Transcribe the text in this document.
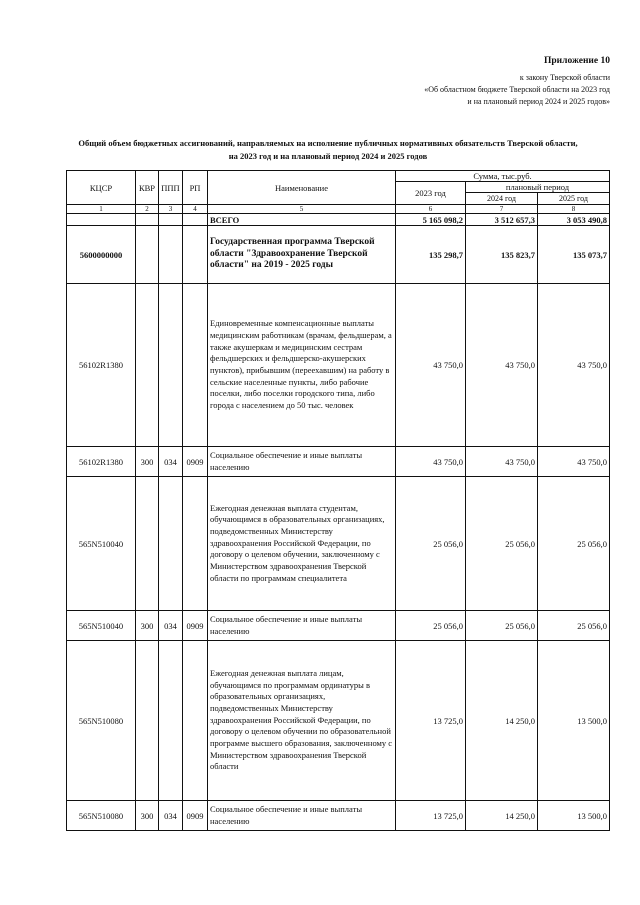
Приложение 10
к закону Тверской области
«Об областном бюджете Тверской области на 2023 год
и на плановый период 2024 и 2025 годов»
Общий объем бюджетных ассигнований, направляемых на исполнение публичных нормативных обязательств Тверской области,
на 2023 год и на плановый период 2024 и 2025 годов
КЦСР	КВР	ППП	РП	Наименование	Сумма, тыс.руб.		
					2023 год	плановый период	
						2024 год	2025 год
1	2	3	4	5	6	7	8
				ВСЕГО	5 165 098,2	3 512 657,3	3 053 490,8
5600000000				Государственная программа Тверской области "Здравоохранение Тверской области" на 2019 - 2025 годы	135 298,7	135 823,7	135 073,7
56102R1380				Единовременные компенсационные выплаты медицинским работникам (врачам, фельдшерам, а также акушеркам и медицинским сестрам фельдшерских и фельдшерско-акушерских пунктов), прибывшим (переехавшим) на работу в сельские населенные пункты, либо рабочие поселки, либо поселки городского типа, либо города с населением до 50 тыс. человек	43 750,0	43 750,0	43 750,0
56102R1380	300	034	0909	Социальное обеспечение и иные выплаты населению	43 750,0	43 750,0	43 750,0
565N510040				Ежегодная денежная выплата студентам, обучающимся в образовательных организациях, подведомственных Министерству здравоохранения Российской Федерации, по договору о целевом обучении, заключенному с Министерством здравоохранения Тверской области по программам специалитета	25 056,0	25 056,0	25 056,0
565N510040	300	034	0909	Социальное обеспечение и иные выплаты населению	25 056,0	25 056,0	25 056,0
565N510080				Ежегодная денежная выплата лицам, обучающимся по программам ординатуры в образовательных организациях, подведомственных Министерству здравоохранения Российской Федерации, по договору о целевом обучении по образовательной программе высшего образования, заключенному с Министерством здравоохранения Тверской области	13 725,0	14 250,0	13 500,0
565N510080	300	034	0909	Социальное обеспечение и иные выплаты населению	13 725,0	14 250,0	13 500,0
